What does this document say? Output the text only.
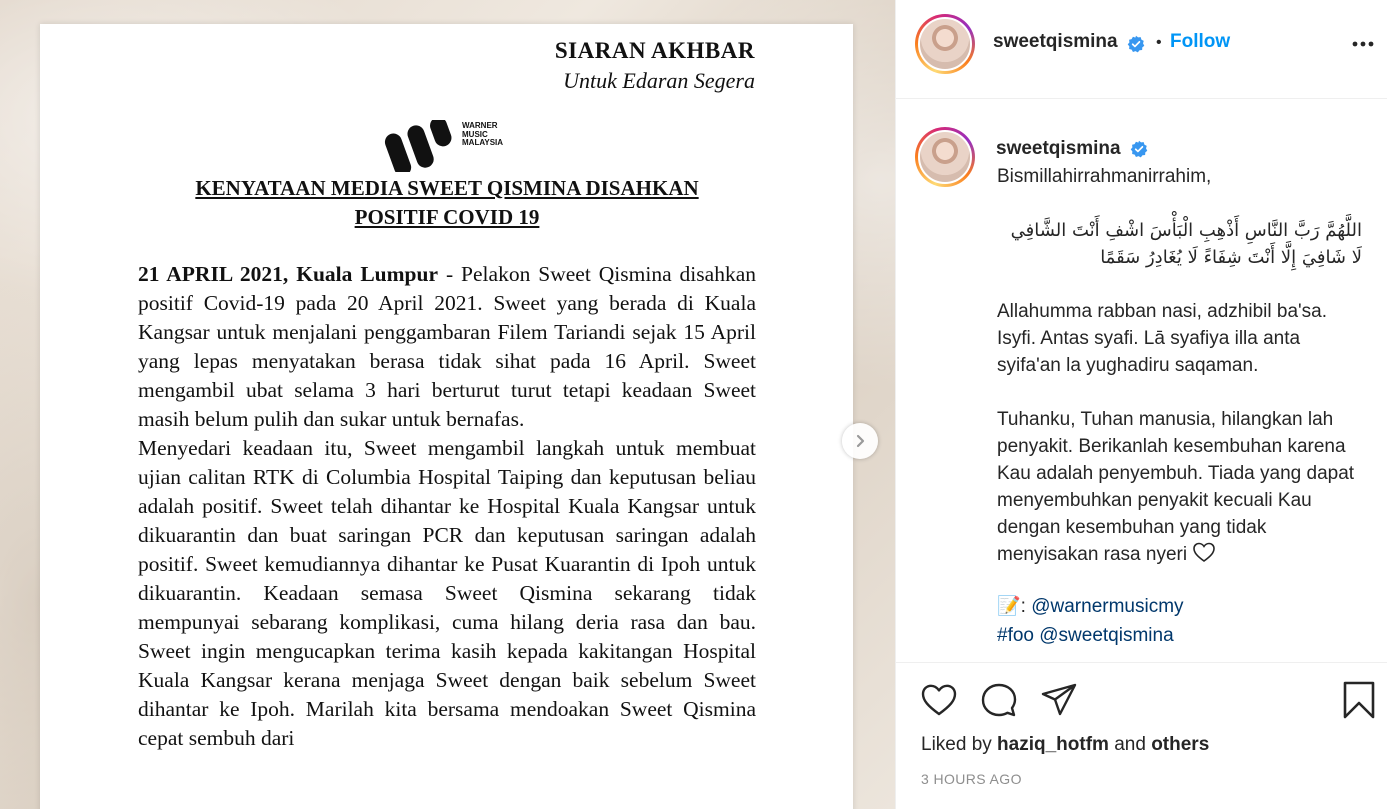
SIARAN AKHBAR
Untuk Edaran Segera
WARNER
MUSIC
MALAYSIA
KENYATAAN MEDIA SWEET QISMINA DISAHKAN
POSITIF COVID 19

21 APRIL 2021, Kuala Lumpur - Pelakon Sweet Qismina disahkan positif Covid-19 pada 20 April 2021. Sweet yang berada di Kuala Kangsar untuk menjalani penggambaran Filem Tariandi sejak 15 April yang lepas menyatakan berasa tidak sihat pada 16 April. Sweet mengambil ubat selama 3 hari berturut turut tetapi keadaan Sweet masih belum pulih dan sukar untuk bernafas.

Menyedari keadaan itu, Sweet mengambil langkah untuk membuat ujian calitan RTK di Columbia Hospital Taiping dan keputusan beliau adalah positif. Sweet telah dihantar ke Hospital Kuala Kangsar untuk dikuarantin dan buat saringan PCR dan keputusan saringan adalah positif. Sweet kemudiannya dihantar ke Pusat Kuarantin di Ipoh untuk dikuarantin. Keadaan semasa Sweet Qismina sekarang tidak mempunyai sebarang komplikasi, cuma hilang deria rasa dan bau. Sweet ingin mengucapkan terima kasih kepada kakitangan Hospital Kuala Kangsar kerana menjaga Sweet dengan baik sebelum Sweet dihantar ke Ipoh. Marilah kita bersama mendoakan Sweet Qismina cepat sembuh dari

sweetqismina • Follow
sweetqismina
Bismillahirrahmanirrahim,
اللَّهُمَّ رَبَّ النَّاسِ أَذْهِبِ الْبَأْسَ اشْفِ أَنْتَ الشَّافِي لَا شَافِيَ إِلَّا أَنْتَ شِفَاءً لَا يُغَادِرُ سَقَمًا
Allahumma rabban nasi, adzhibil ba'sa. Isyfi. Antas syafi. Lā syafiya illa anta syifa'an la yughadiru saqaman.
Tuhanku, Tuhan manusia, hilangkan lah penyakit. Berikanlah kesembuhan karena Kau adalah penyembuh. Tiada yang dapat menyembuhkan penyakit kecuali Kau dengan kesembuhan yang tidak menyisakan rasa nyeri
📝: @warnermusicmy
#foo @sweetqismina
Liked by haziq_hotfm and others
3 HOURS AGO
